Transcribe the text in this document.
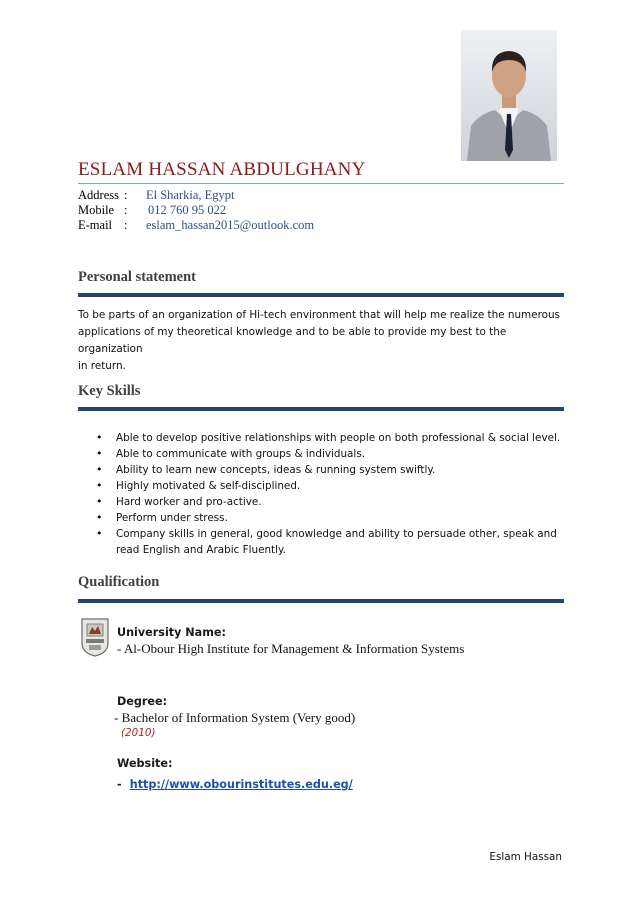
ESLAM HASSAN ABDULGHANY
Address : El Sharkia, Egypt
Mobile : 012 760 95 022
E-mail : eslam_hassan2015@outlook.com
Personal statement
To be parts of an organization of Hi-tech environment that will help me realize the numerous
applications of my theoretical knowledge and to be able to provide my best to the organization
in return.
Key Skills
• Able to develop positive relationships with people on both professional & social level.
• Able to communicate with groups & individuals.
• Ability to learn new concepts, ideas & running system swiftly.
• Highly motivated & self-disciplined.
• Hard worker and pro-active.
• Perform under stress.
• Company skills in general, good knowledge and ability to persuade other, speak and read English and Arabic Fluently.
Qualification
University Name:
- Al-Obour High Institute for Management & Information Systems
Degree:
- Bachelor of Information System (Very good)
(2010)
Website:
- http://www.obourinstitutes.edu.eg/
Eslam Hassan
